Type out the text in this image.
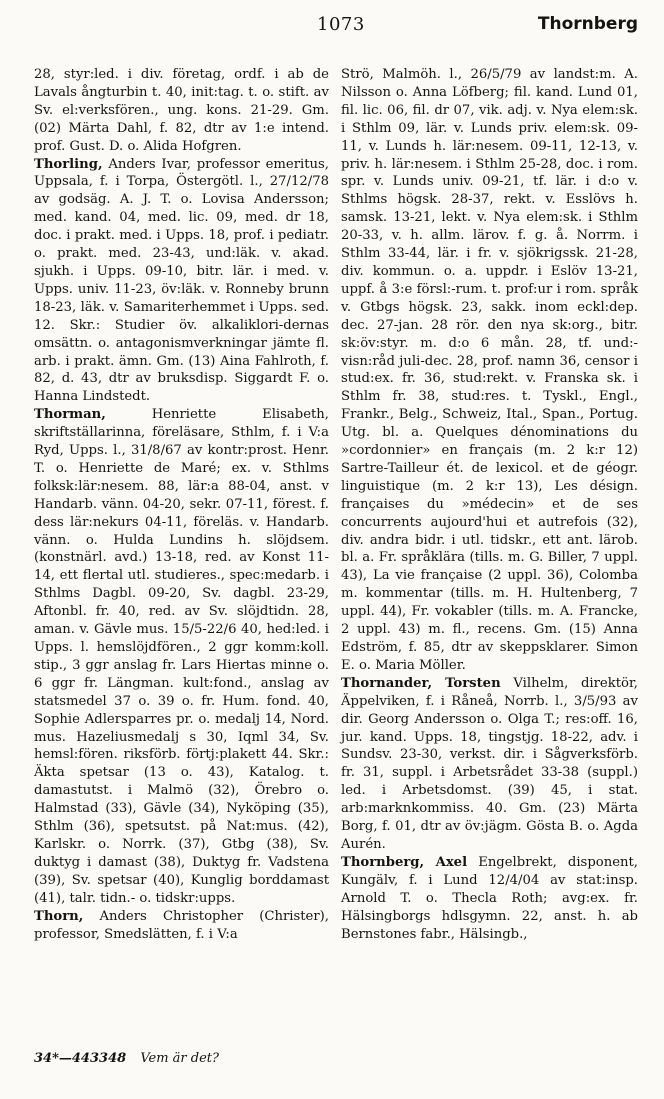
1073	Thornberg

28, styr:led. i div. företag, ordf. i ab de Lavals ångturbin t. 40, init:tag. t. o. stift. av Sv. el:verksfören., ung. kons. 21-29. Gm. (02) Märta Dahl, f. 82, dtr av 1:e intend. prof. Gust. D. o. Alida Hofgren.

Thorling, Anders Ivar, professor emeritus, Uppsala, f. i Torpa, Östergötl. l., 27/12/78 av godsäg. A. J. T. o. Lovisa Andersson; med. kand. 04, med. lic. 09, med. dr 18, doc. i prakt. med. i Upps. 18, prof. i pediatr. o. prakt. med. 23-43, und:läk. v. akad. sjukh. i Upps. 09-10, bitr. lär. i med. v. Upps. univ. 11-23, öv:läk. v. Ronneby brunn 18-23, läk. v. Samariterhemmet i Upps. sed. 12. Skr.: Studier öv. alkaliklori-dernas omsättn. o. antagonismverkningar jämte fl. arb. i prakt. ämn. Gm. (13) Aina Fahlroth, f. 82, d. 43, dtr av bruksdisp. Siggardt F. o. Hanna Lindstedt.

Thorman,	Henriette Elisabeth, skriftställarinna, föreläsare, Sthlm, f. i V:a Ryd, Upps. l., 31/8/67 av kontr:prost. Henr. T. o. Henriette de Maré; ex. v. Sthlms folksk:lär:nesem. 88, lär:a 88-04, anst. v Handarb. vänn. 04-20, sekr. 07-11, förest. f. dess lär:nekurs 04-11, föreläs. v. Handarb. vänn. o. Hulda Lundins h. slöjdsem. (konstnärl. avd.) 13-18, red. av Konst 11-14, ett flertal utl. studieres., spec:medarb. i Sthlms Dagbl. 09-20, Sv. dagbl. 23-29, Aftonbl. fr. 40, red. av Sv. slöjdtidn. 28, aman. v. Gävle mus. 15/5-22/6 40, hed:led. i Upps. l. hemslöjdfören., 2 ggr komm:koll. stip., 3 ggr anslag fr. Lars Hiertas minne o. 6 ggr fr. Längman. kult:fond., anslag av statsmedel 37 o. 39 o. fr. Hum. fond. 40, Sophie Adlersparres pr. o. medalj 14, Nord. mus. Hazeliusmedalj s 30, Iqml 34, Sv. hemsl:fören. riksförb. förtj:plakett 44. Skr.: Äkta spetsar (13 o. 43), Katalog. t. damastutst. i Malmö (32), Örebro o. Halmstad (33), Gävle (34), Nyköping (35), Sthlm (36), spetsutst. på Nat:mus. (42), Karlskr. o. Norrk. (37), Gtbg (38), Sv. duktyg i damast (38), Duktyg fr. Vadstena (39), Sv. spetsar (40), Kunglig borddamast (41), talr. tidn.- o. tidskr:upps.

Thorn, Anders Christopher (Christer), professor, Smedslätten, f. i V:a

Strö, Malmöh. l., 26/5/79 av landst:m. A. Nilsson o. Anna Löfberg; fil. kand. Lund 01, fil. lic. 06, fil. dr 07, vik. adj. v. Nya elem:sk. i Sthlm 09, lär. v. Lunds priv. elem:sk. 09-11, v. Lunds h. lär:nesem. 09-11, 12-13, v. priv. h. lär:nesem. i Sthlm 25-28, doc. i rom. spr. v. Lunds univ. 09-21, tf. lär. i d:o v. Sthlms högsk. 28-37, rekt. v. Esslövs h. samsk. 13-21, lekt. v. Nya elem:sk. i Sthlm 20-33, v. h. allm. lärov. f. g. å. Norrm. i Sthlm 33-44, lär. i fr. v. sjökrigssk. 21-28, div. kommun. o. a. uppdr. i Eslöv 13-21, uppf. å 3:e försl:-rum. t. prof:ur i rom. språk v. Gtbgs högsk. 23, sakk. inom eckl:dep. dec. 27-jan. 28 rör. den nya sk:org., bitr. sk:öv:styr. m. d:o 6 mån. 28, tf. und:-visn:råd juli-dec. 28, prof. namn 36, censor i stud:ex. fr. 36, stud:rekt. v. Franska sk. i Sthlm fr. 38, stud:res. t. Tyskl., Engl., Frankr., Belg., Schweiz, Ital., Span., Portug. Utg. bl. a. Quelques dénominations du »cordonnier» en français (m. 2 k:r 12) Sartre-Tailleur ét. de lexicol. et de géogr. linguistique (m. 2 k:r 13), Les désign. françaises du »médecin» et de ses concurrents aujourd'hui et autrefois (32), div. andra bidr. i utl. tidskr., ett ant. lärob. bl. a. Fr. språklära (tills. m. G. Biller, 7 uppl. 43), La vie française (2 uppl. 36), Colomba m. kommentar (tills. m. H. Hultenberg, 7 uppl. 44), Fr. vokabler (tills. m. A. Francke, 2 uppl. 43) m. fl., recens. Gm. (15) Anna Edström, f. 85, dtr av skeppsklarer. Simon E. o. Maria Möller.

Thornander, Torsten Vilhelm, direktör, Äppelviken, f. i Råneå, Norrb. l., 3/5/93 av dir. Georg Andersson o. Olga T.; res:off. 16, jur. kand. Upps. 18, tingstjg. 18-22, adv. i Sundsv. 23-30, verkst. dir. i Sågverksförb. fr. 31, suppl. i Arbetsrådet 33-38 (suppl.) led. i Arbetsdomst. (39) 45, i stat. arb:marknkommiss. 40. Gm. (23) Märta Borg, f. 01, dtr av öv:jägm. Gösta B. o. Agda Aurén.

Thornberg, Axel Engelbrekt, disponent, Kungälv, f. i Lund 12/4/04 av stat:insp. Arnold T. o. Thecla Roth; avg:ex. fr. Hälsingborgs hdlsgymn. 22, anst. h. ab Bernstones fabr., Hälsingb.,

34*—443348 Vem är det?
